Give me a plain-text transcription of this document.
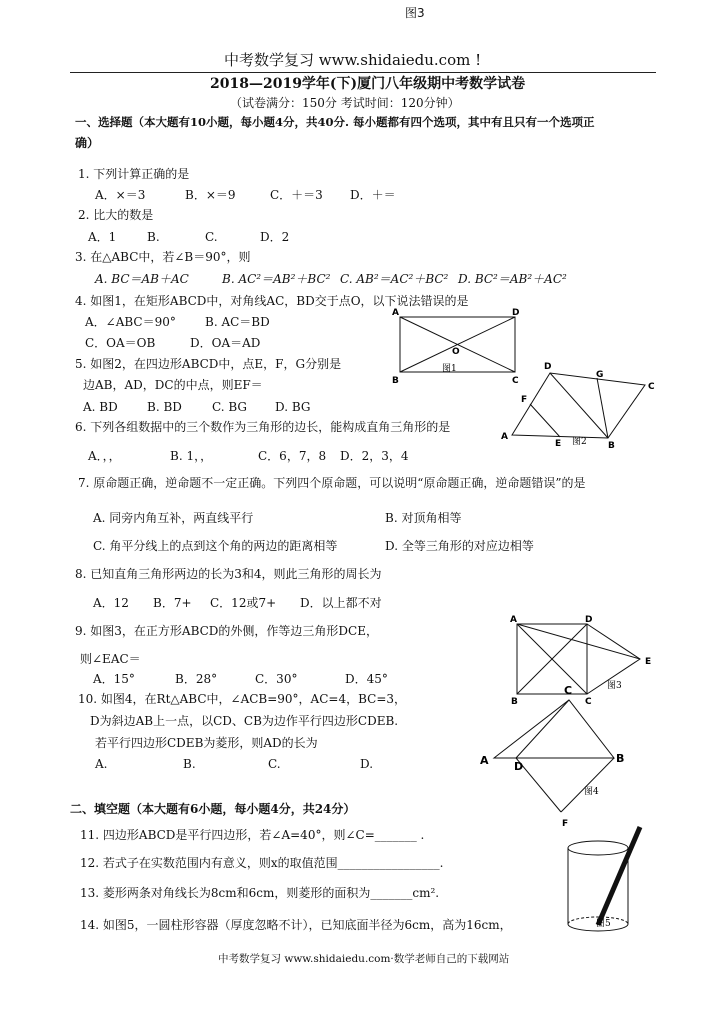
图3
中考数学复习 www.shidaiedu.com !
2018—2019学年(下)厦门八年级期中考数学试卷
（试卷满分：150分 考试时间：120分钟）
一、选择题（本大题有10小题，每小题4分，共40分. 每小题都有四个选项，其中有且只有一个选项正
确）
1. 下列计算正确的是
A．×＝3	B．×＝9	C．＋＝3 D．＋＝
2. 比大的数是
A．1	B.	C.	D．2
3. 在△ABC中，若∠B＝90°，则
A. BC＝AB＋AC	B. AC²＝AB²＋BC² C. AB²＝AC²＋BC² D. BC²＝AB²＋AC²
4. 如图1，在矩形ABCD中，对角线AC，BD交于点O，以下说法错误的是
A．∠ABC＝90° B. AC＝BD
C．OA＝OB	D．OA＝AD
5. 如图2，在四边形ABCD中，点E，F，G分别是
边AB，AD，DC的中点，则EF＝
A. BD B. BD	C. BG D. BG
6. 下列各组数据中的三个数作为三角形的边长，能构成直角三角形的是
A．，，	B. 1，，	C．6，7，8 D．2，3，4
7. 原命题正确，逆命题不一定正确。下列四个原命题，可以说明“原命题正确，逆命题错误”的是
A. 同旁内角互补，两直线平行	B. 对顶角相等
C. 角平分线上的点到这个角的两边的距离相等	D. 全等三角形的对应边相等
8. 已知直角三角形两边的长为3和4，则此三角形的周长为
A．12 B．7+ C．12或7+ D．以上都不对
9. 如图3，在正方形ABCD的外侧，作等边三角形DCE，
则∠EAC＝
A．15°	B．28°	C．30°	D．45°
10. 如图4，在Rt△ABC中，∠ACB=90°，AC=4，BC=3，
D为斜边AB上一点，以CD、CB为边作平行四边形CDEB.
若平行四边形CDEB为菱形，则AD的长为
A.	B.	C.	D.
二、填空题（本大题有6小题，每小题4分，共24分）
11. 四边形ABCD是平行四边形，若∠A=40°，则∠C=_______ .
12. 若式子在实数范围内有意义，则x的取值范围_________________.
13. 菱形两条对角线长为8cm和6cm，则菱形的面积为_______cm².
14. 如图5，一圆柱形容器（厚度忽略不计），已知底面半径为6cm，高为16cm，
A	D
O
B	C
图1	D
G
C
F
A
E	B
图2
A	D
E
B	C
图3
C
A D
B
F
图4
图5
中考数学复习 www.shidaiedu.com·数学老师自己的下载网站
